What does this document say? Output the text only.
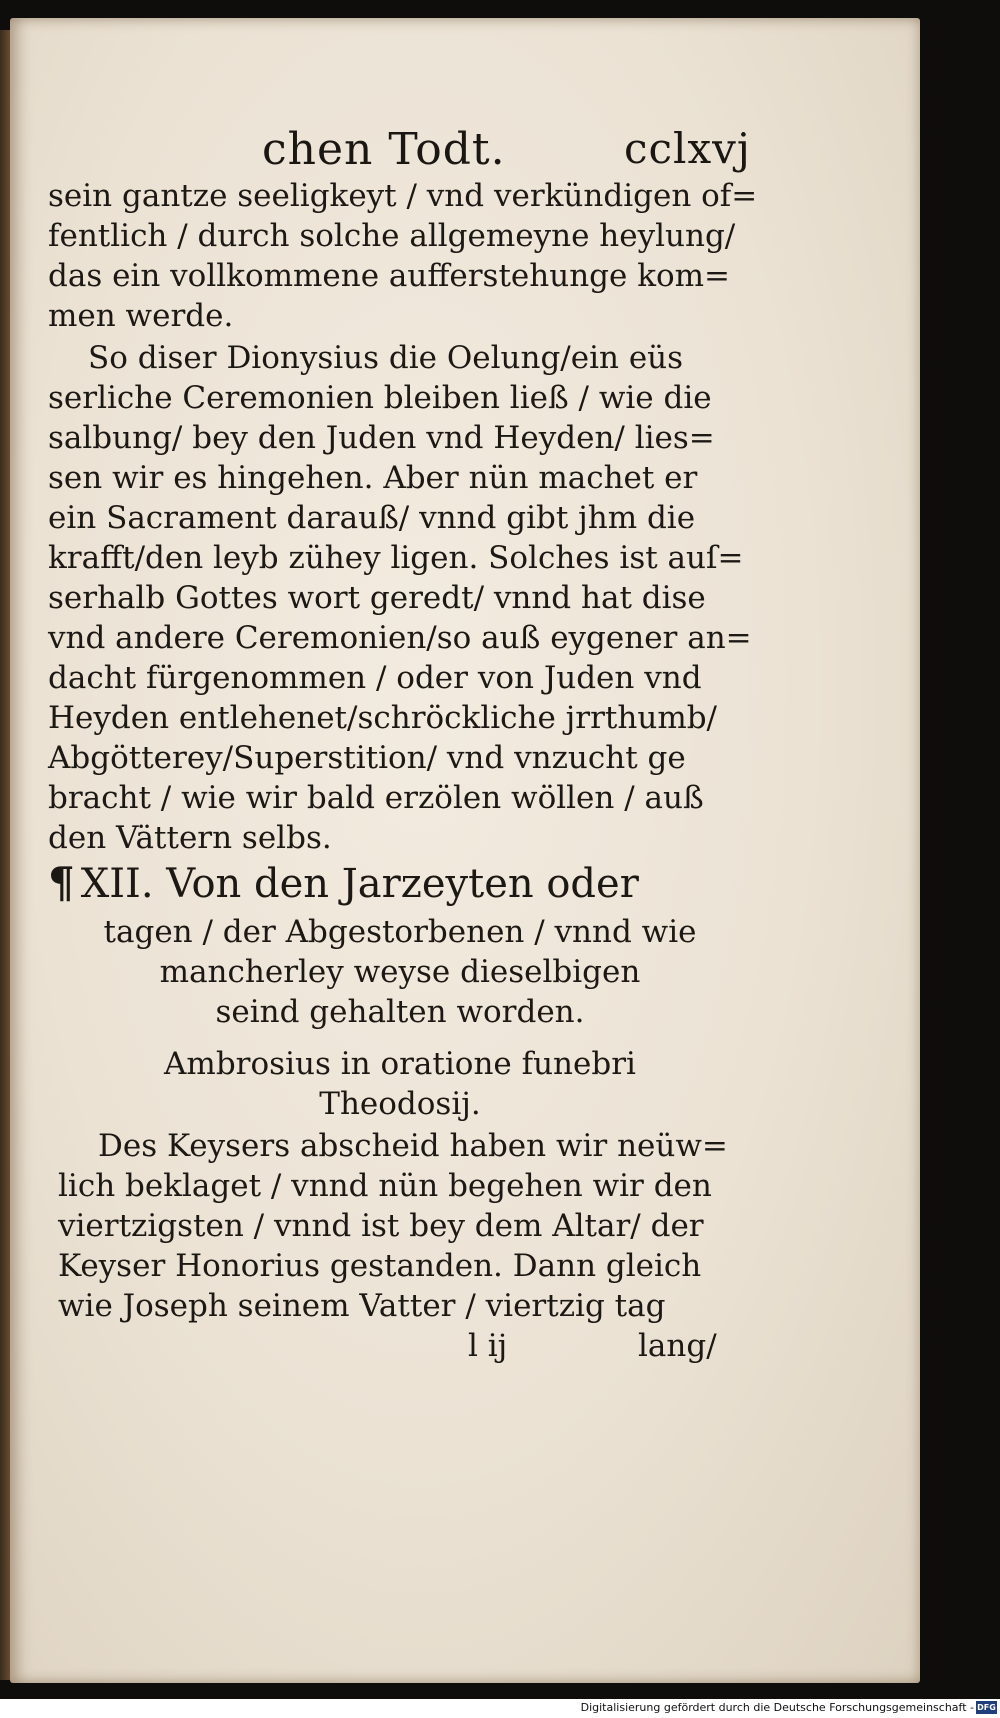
chen Todt.	cclxvj
sein gantze seeligkeyt / vnd verkündigen of=
fentlich / durch solche allgemeyne heylung/
das ein vollkommene aufferstehunge kom=
men werde.
So diser Dionysius die Oelung/ein eüs
serliche Ceremonien bleiben ließ / wie die
salbung/ bey den Juden vnd Heyden/ lies=
sen wir es hingehen. Aber nün machet er
ein Sacrament darauß/ vnnd gibt jhm die
krafft/den leyb zühey ligen. Solches ist auſ=
serhalb Gottes wort geredt/ vnnd hat dise
vnd andere Ceremonien/so auß eygener an=
dacht fürgenommen / oder von Juden vnd
Heyden entlehenet/schröckliche jrrthumb/
Abgötterey/Superstition/ vnd vnzucht ge
bracht / wie wir bald erzölen wöllen / auß
den Vättern selbs.
¶ XII. Von den Jarzeyten oder
tagen / der Abgestorbenen / vnnd wie
mancherley weyse dieselbigen
seind gehalten worden.
Ambrosius in oratione funebri
Theodosij.
Des Keysers abscheid haben wir neüw=
lich beklaget / vnnd nün begehen wir den
viertzigsten / vnnd ist bey dem Altar/ der
Keyser Honorius gestanden. Dann gleich
wie Joseph seinem Vatter / viertzig tag
l ij	lang/
Digitalisierung gefördert durch die Deutsche Forschungsgemeinschaft - DFG
